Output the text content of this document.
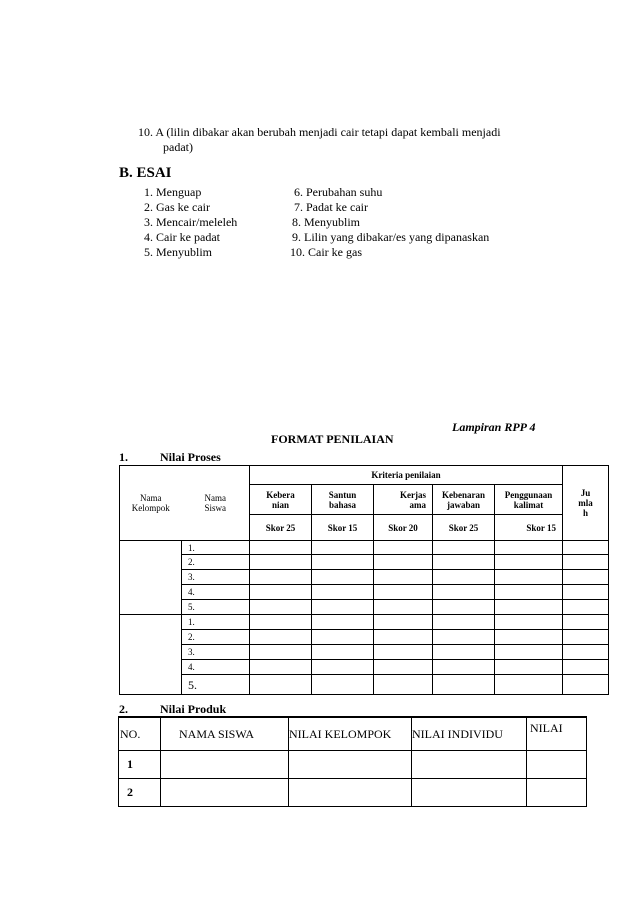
10. A (lilin dibakar akan berubah menjadi cair tetapi dapat kembali menjadi
padat)
B. ESAI
1. Menguap
2. Gas ke cair
3. Mencair/meleleh
4. Cair ke padat
5. Menyublim
6. Perubahan suhu
7. Padat ke cair
8. Menyublim
9. Lilin yang dibakar/es yang dipanaskan
10. Cair ke gas
Lampiran RPP 4
FORMAT PENILAIAN
1.	Nilai Proses
Nama Kelompok	Nama Siswa	Kriteria penilaian					Ju mla h
		Kebera nian	Santun bahasa	Kerjas ama	Kebenaran jawaban	Penggunaan kalimat	
		Skor 25	Skor 15	Skor 20	Skor 25	Skor 15	
	1.						
	2.						
	3.						
	4.						
	5.						
	1.						
	2.						
	3.						
	4.						
	5.						
2.	Nilai Produk
NO.	NAMA SISWA	NILAI KELOMPOK	NILAI INDIVIDU	NILAI
1				
2				
